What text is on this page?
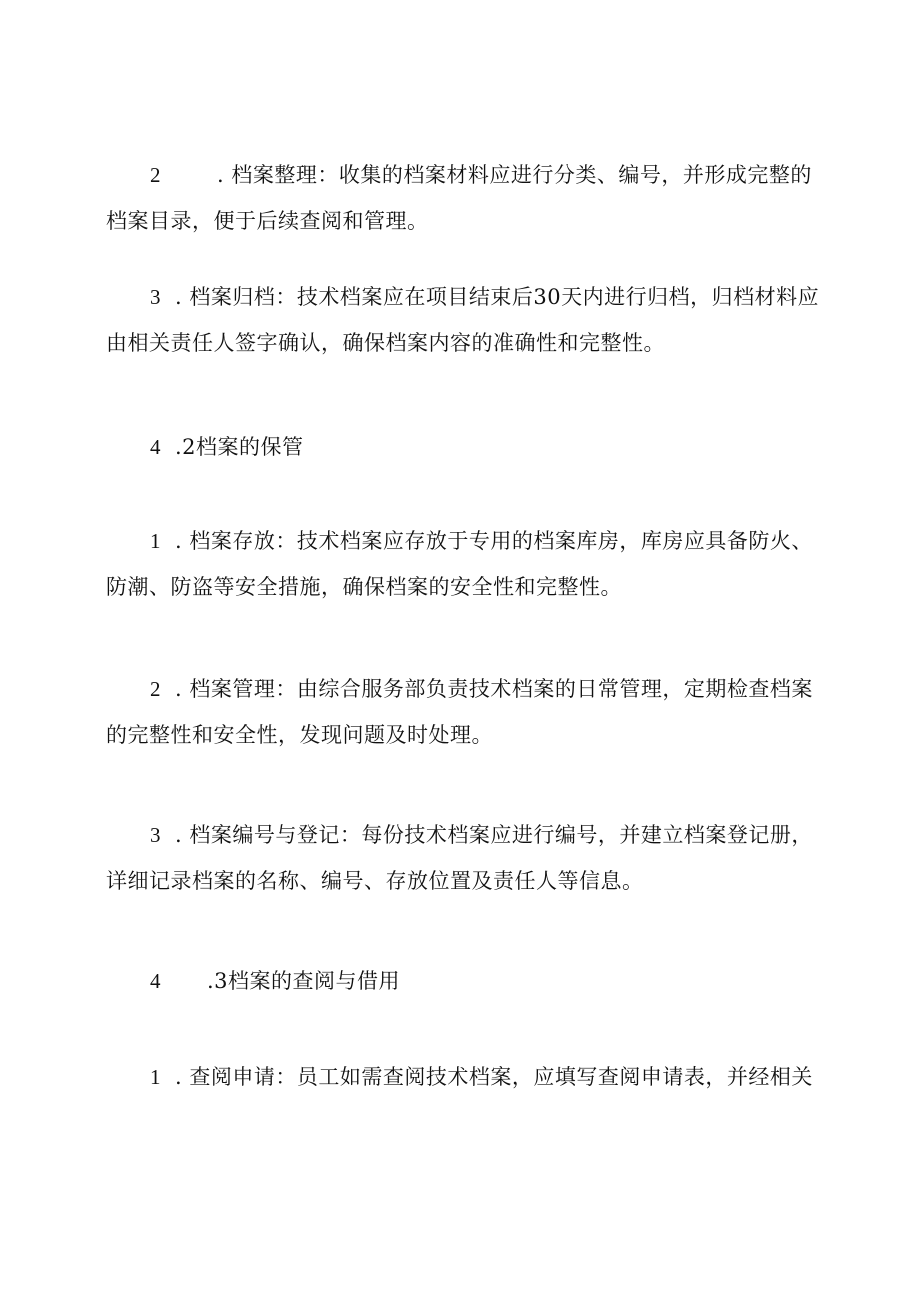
2	. 档案整理：收集的档案材料应进行分类、编号，并形成完整的
档案目录，便于后续查阅和管理。

3 . 档案归档：技术档案应在项目结束后30天内进行归档，归档材料应
由相关责任人签字确认，确保档案内容的准确性和完整性。

4 .2档案的保管

1 . 档案存放：技术档案应存放于专用的档案库房，库房应具备防火、
防潮、防盗等安全措施，确保档案的安全性和完整性。

2 . 档案管理：由综合服务部负责技术档案的日常管理，定期检查档案
的完整性和安全性，发现问题及时处理。

3 . 档案编号与登记：每份技术档案应进行编号，并建立档案登记册，
详细记录档案的名称、编号、存放位置及责任人等信息。

4 .3档案的查阅与借用

1 . 查阅申请：员工如需查阅技术档案，应填写查阅申请表，并经相关
